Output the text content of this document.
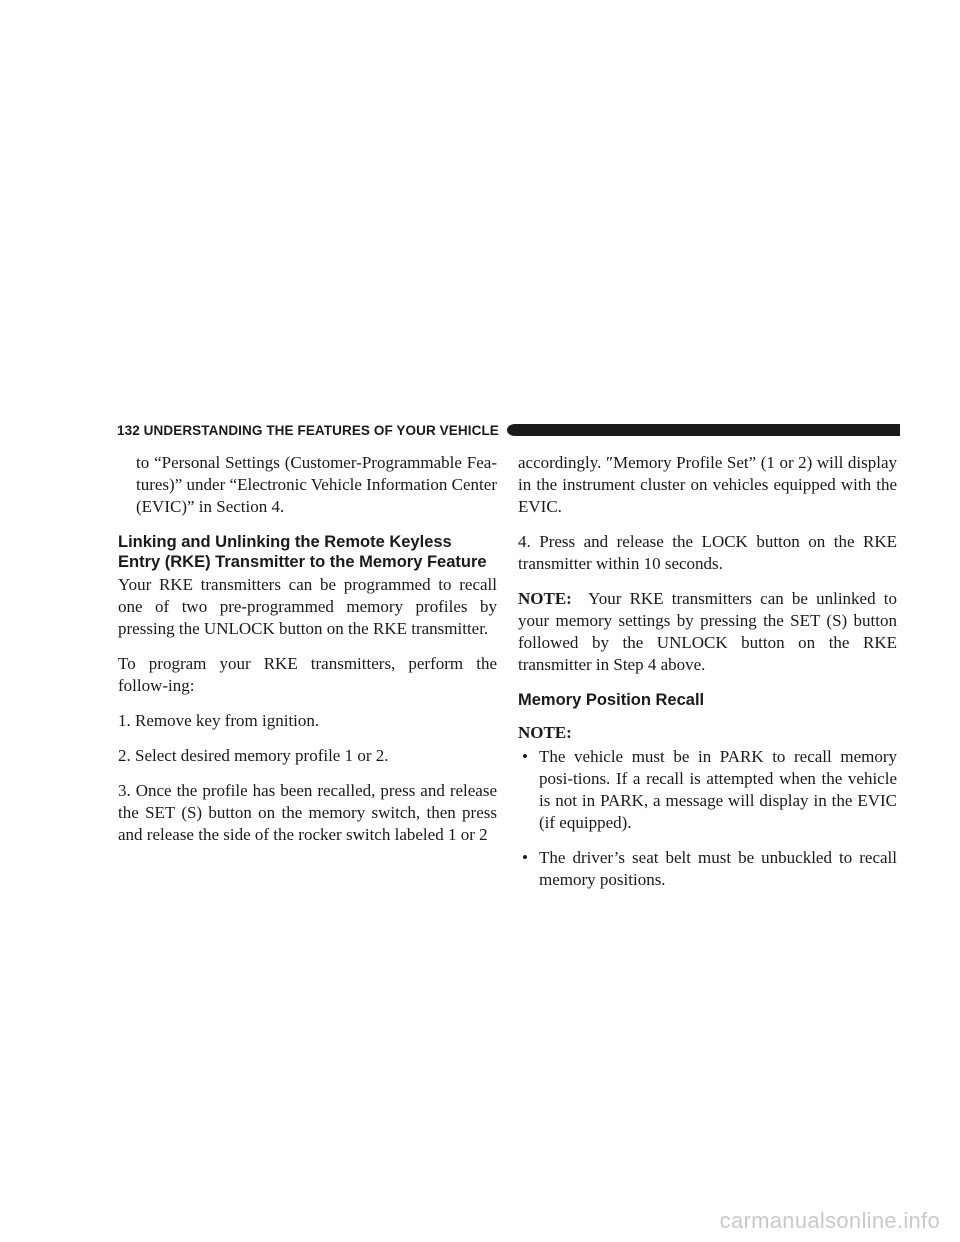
132 UNDERSTANDING THE FEATURES OF YOUR VEHICLE

to “Personal Settings (Customer-Programmable Fea-tures)” under “Electronic Vehicle Information Center (EVIC)” in Section 4.

Linking and Unlinking the Remote Keyless Entry (RKE) Transmitter to the Memory Feature

Your RKE transmitters can be programmed to recall one of two pre-programmed memory profiles by pressing the UNLOCK button on the RKE transmitter.

To program your RKE transmitters, perform the follow-ing:

1. Remove key from ignition.

2. Select desired memory profile 1 or 2.

3. Once the profile has been recalled, press and release the SET (S) button on the memory switch, then press and release the side of the rocker switch labeled 1 or 2

accordingly. ″Memory Profile Set” (1 or 2) will display in the instrument cluster on vehicles equipped with the EVIC.

4. Press and release the LOCK button on the RKE transmitter within 10 seconds.

NOTE: Your RKE transmitters can be unlinked to your memory settings by pressing the SET (S) button followed by the UNLOCK button on the RKE transmitter in Step 4 above.

Memory Position Recall
NOTE:
• The vehicle must be in PARK to recall memory posi-tions. If a recall is attempted when the vehicle is not in PARK, a message will display in the EVIC (if equipped).
• The driver’s seat belt must be unbuckled to recall memory positions.
carmanualsonline.info
